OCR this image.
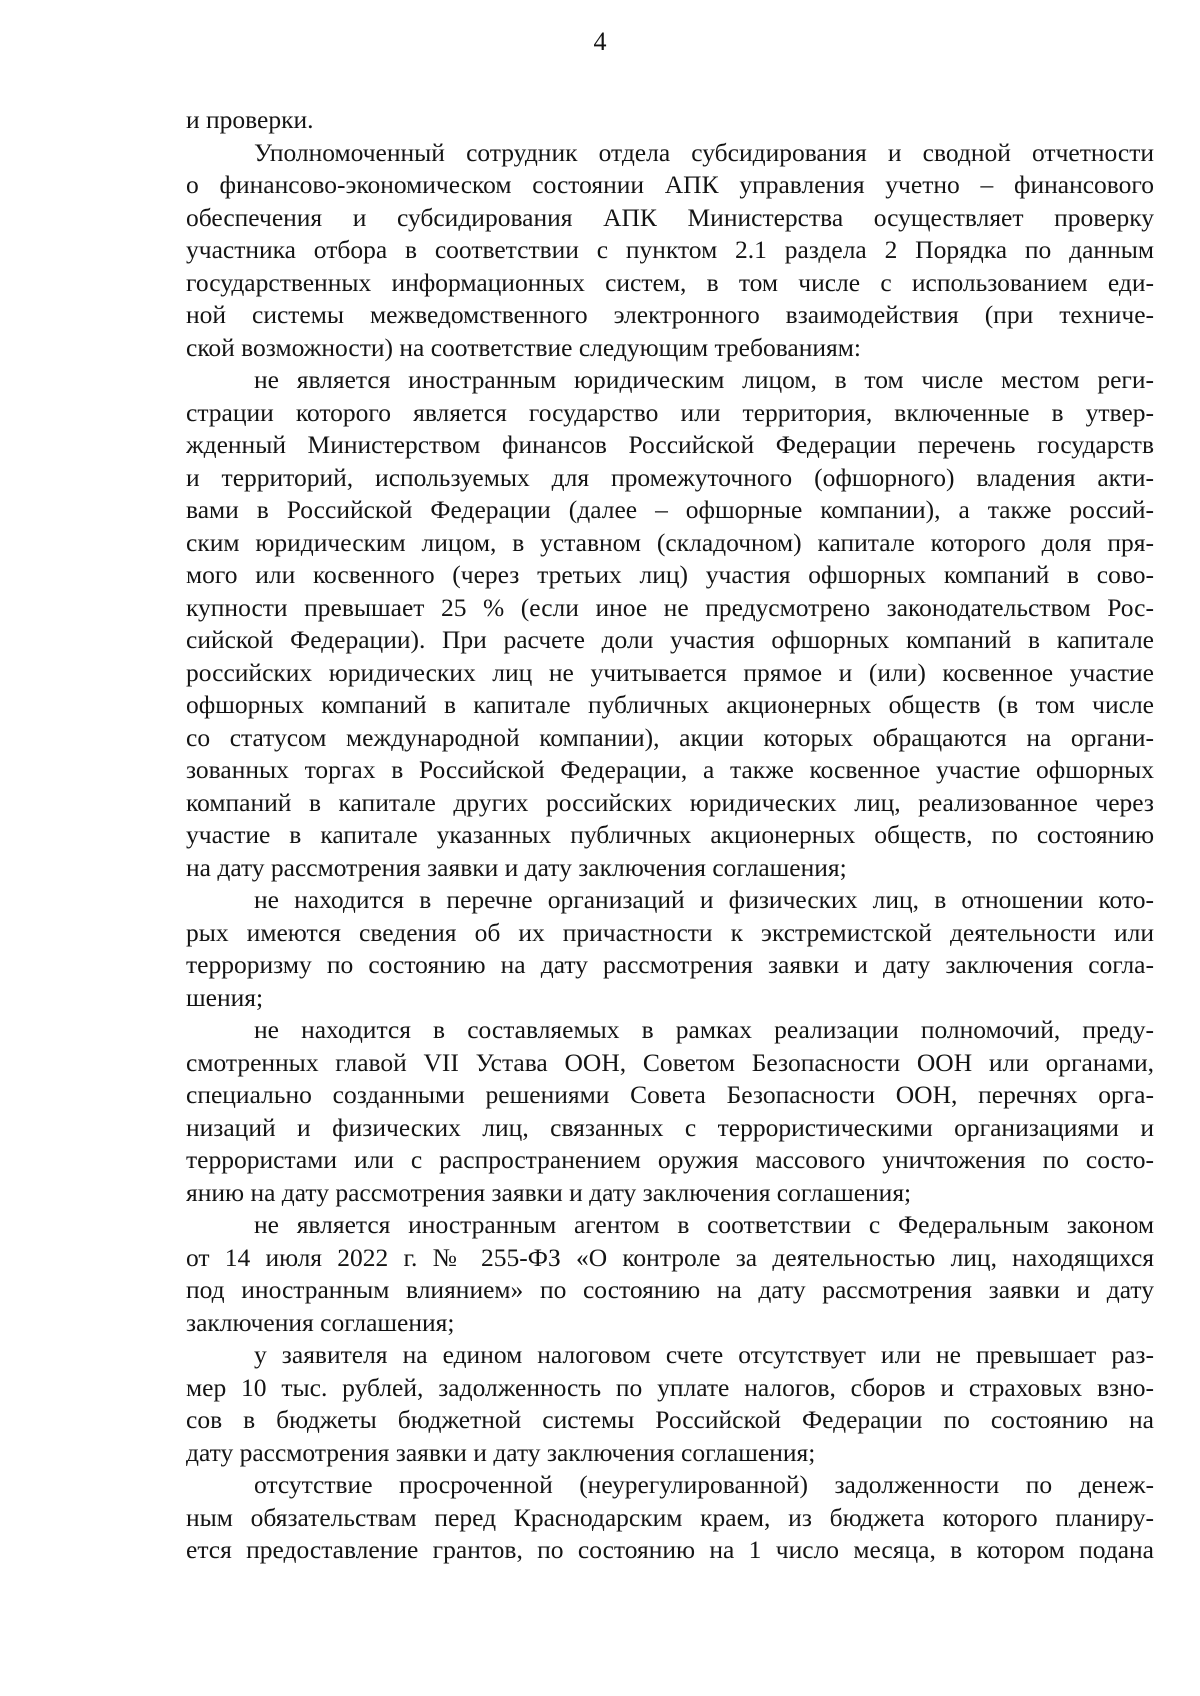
4
и проверки.
Уполномоченный сотрудник отдела субсидирования и сводной отчетности
о финансово-экономическом состоянии АПК управления учетно – финансового
обеспечения и субсидирования АПК Министерства осуществляет проверку
участника отбора в соответствии с пунктом 2.1 раздела 2 Порядка по данным
государственных информационных систем, в том числе с использованием еди-
ной системы межведомственного электронного взаимодействия (при техниче-
ской возможности) на соответствие следующим требованиям:
не является иностранным юридическим лицом, в том числе местом реги-
страции которого является государство или территория, включенные в утвер-
жденный Министерством финансов Российской Федерации перечень государств
и территорий, используемых для промежуточного (офшорного) владения акти-
вами в Российской Федерации (далее – офшорные компании), а также россий-
ским юридическим лицом, в уставном (складочном) капитале которого доля пря-
мого или косвенного (через третьих лиц) участия офшорных компаний в сово-
купности превышает 25 % (если иное не предусмотрено законодательством Рос-
сийской Федерации). При расчете доли участия офшорных компаний в капитале
российских юридических лиц не учитывается прямое и (или) косвенное участие
офшорных компаний в капитале публичных акционерных обществ (в том числе
со статусом международной компании), акции которых обращаются на органи-
зованных торгах в Российской Федерации, а также косвенное участие офшорных
компаний в капитале других российских юридических лиц, реализованное через
участие в капитале указанных публичных акционерных обществ, по состоянию
на дату рассмотрения заявки и дату заключения соглашения;
не находится в перечне организаций и физических лиц, в отношении кото-
рых имеются сведения об их причастности к экстремистской деятельности или
терроризму по состоянию на дату рассмотрения заявки и дату заключения согла-
шения;
не находится в составляемых в рамках реализации полномочий, преду-
смотренных главой VII Устава ООН, Советом Безопасности ООН или органами,
специально созданными решениями Совета Безопасности ООН, перечнях орга-
низаций и физических лиц, связанных с террористическими организациями и
террористами или с распространением оружия массового уничтожения по состо-
янию на дату рассмотрения заявки и дату заключения соглашения;
не является иностранным агентом в соответствии с Федеральным законом
от 14 июля 2022 г. № 255-ФЗ «О контроле за деятельностью лиц, находящихся
под иностранным влиянием» по состоянию на дату рассмотрения заявки и дату
заключения соглашения;
у заявителя на едином налоговом счете отсутствует или не превышает раз-
мер 10 тыс. рублей, задолженность по уплате налогов, сборов и страховых взно-
сов в бюджеты бюджетной системы Российской Федерации по состоянию на
дату рассмотрения заявки и дату заключения соглашения;
отсутствие просроченной (неурегулированной) задолженности по денеж-
ным обязательствам перед Краснодарским краем, из бюджета которого планиру-
ется предоставление грантов, по состоянию на 1 число месяца, в котором подана
